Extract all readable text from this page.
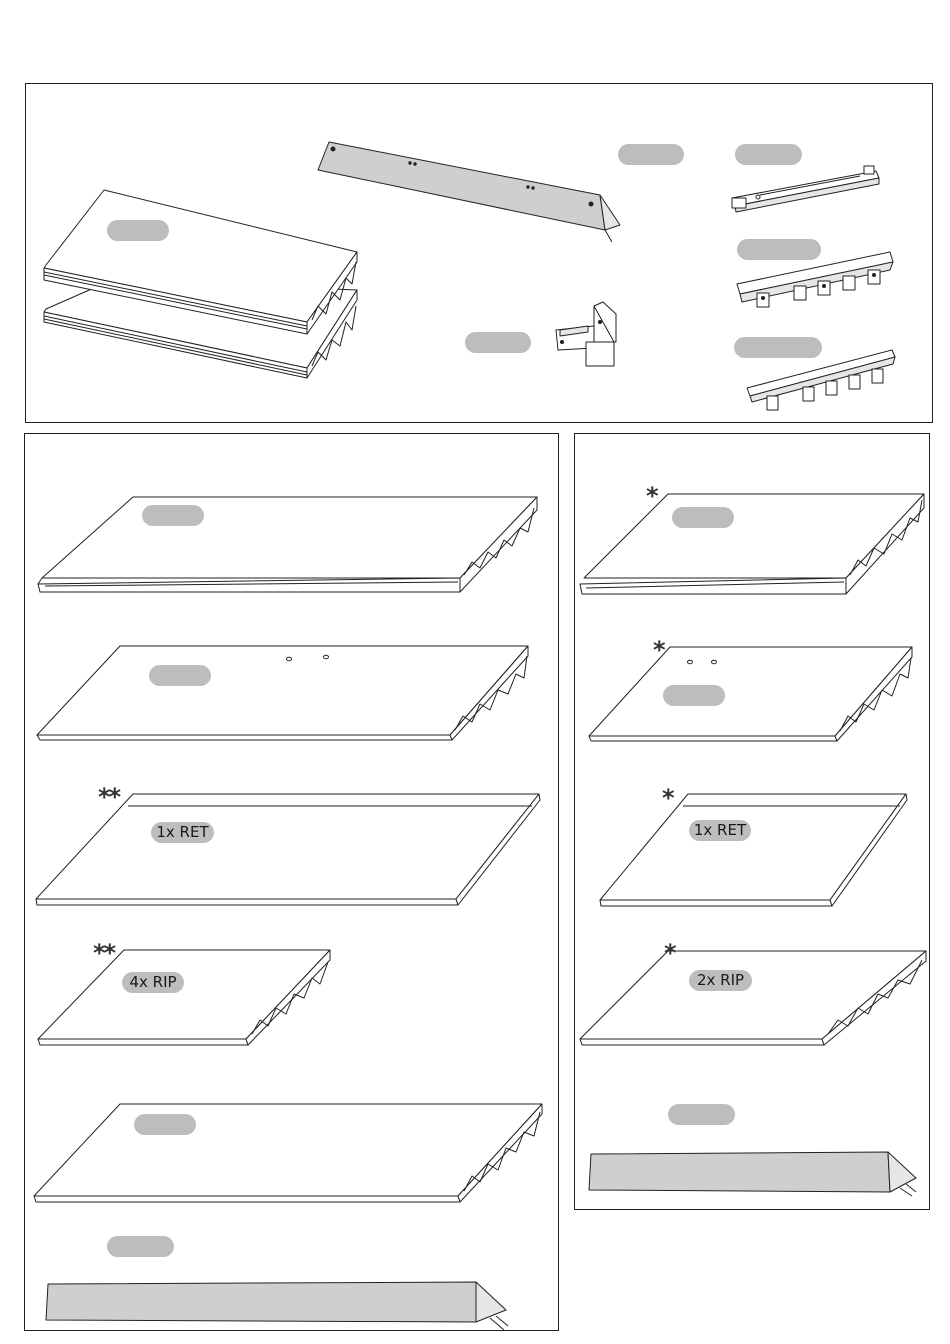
**
1x RET
**
4x RIP
*
*
*
1x RET
*
2x RIP
